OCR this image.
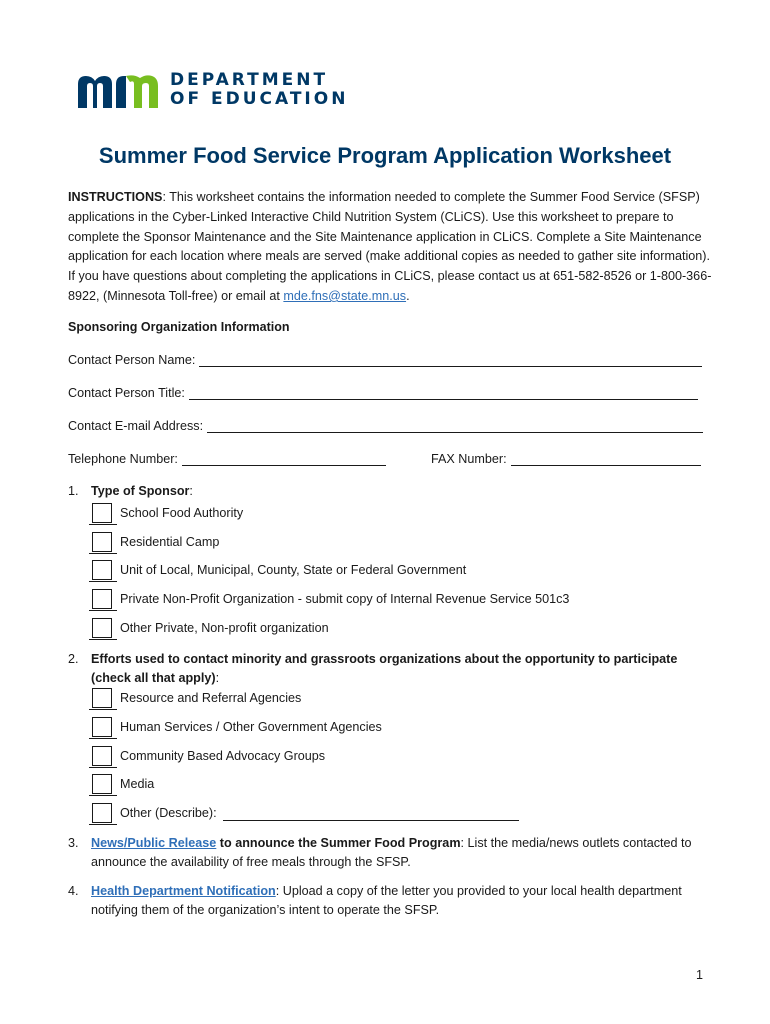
DEPARTMENT
OF EDUCATION
Summer Food Service Program Application Worksheet
INSTRUCTIONS: This worksheet contains the information needed to complete the Summer Food Service (SFSP) applications in the Cyber-Linked Interactive Child Nutrition System (CLiCS). Use this worksheet to prepare to complete the Sponsor Maintenance and the Site Maintenance application in CLiCS. Complete a Site Maintenance application for each location where meals are served (make additional copies as needed to gather site information). If you have questions about completing the applications in CLiCS, please contact us at 651-582-8526 or 1-800-366-8922, (Minnesota Toll-free) or email at mde.fns@state.mn.us.
Sponsoring Organization Information
Contact Person Name:
Contact Person Title:
Contact E-mail Address:
Telephone Number:	FAX Number:
1. Type of Sponsor:
School Food Authority
Residential Camp
Unit of Local, Municipal, County, State or Federal Government
Private Non-Profit Organization - submit copy of Internal Revenue Service 501c3
Other Private, Non-profit organization
2. Efforts used to contact minority and grassroots organizations about the opportunity to participate (check all that apply):
Resource and Referral Agencies
Human Services / Other Government Agencies
Community Based Advocacy Groups
Media
Other (Describe):
3. News/Public Release to announce the Summer Food Program: List the media/news outlets contacted to announce the availability of free meals through the SFSP.
4. Health Department Notification: Upload a copy of the letter you provided to your local health department notifying them of the organization’s intent to operate the SFSP.
1
